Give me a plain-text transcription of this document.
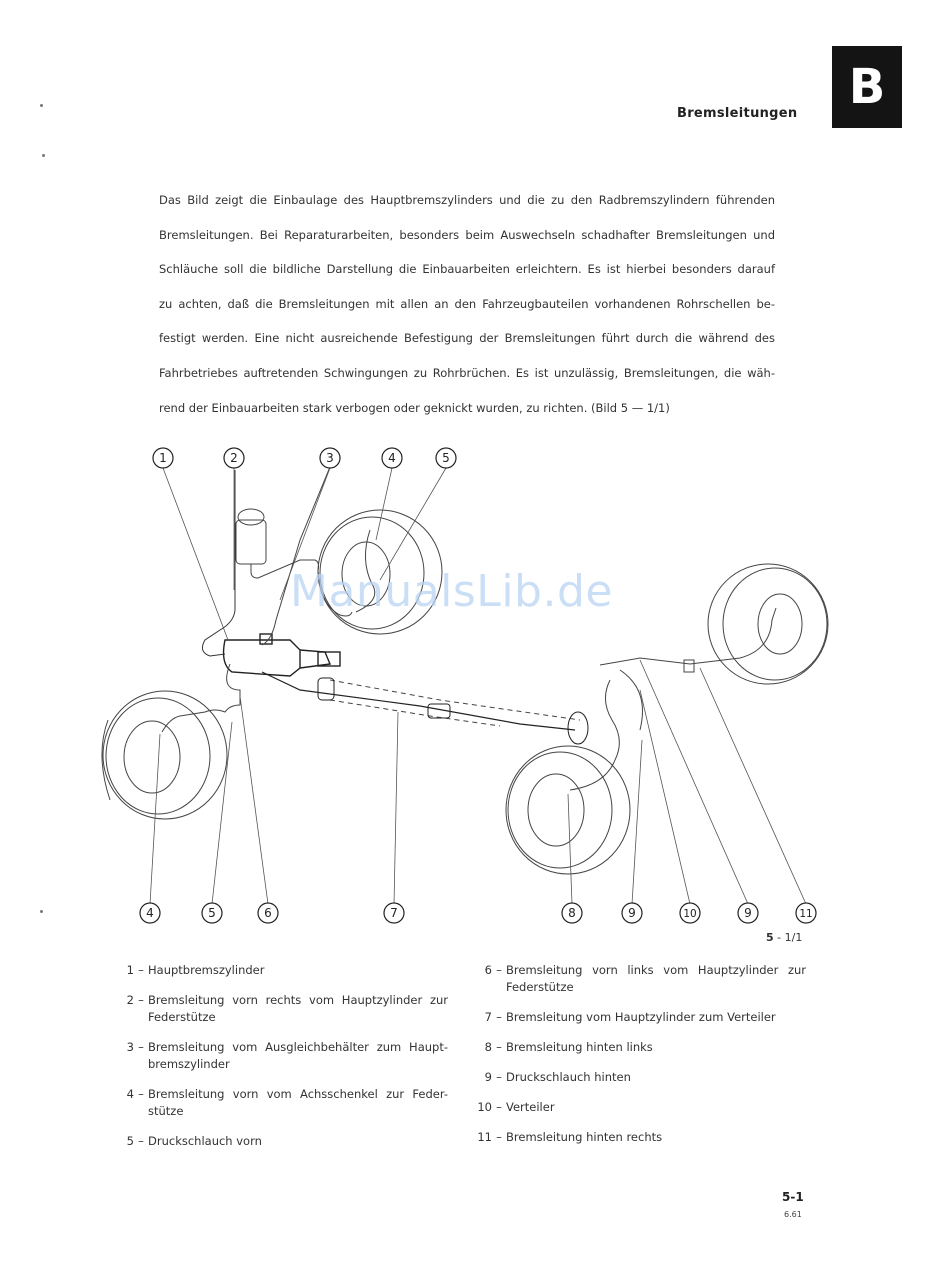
B
Bremsleitungen
Das Bild zeigt die Einbaulage des Hauptbremszylinders und die zu den Radbremszylindern führenden
Bremsleitungen. Bei Reparaturarbeiten, besonders beim Auswechseln schadhafter Bremsleitungen und
Schläuche soll die bildliche Darstellung die Einbauarbeiten erleichtern. Es ist hierbei besonders darauf
zu achten, daß die Bremsleitungen mit allen an den Fahrzeugbauteilen vorhandenen Rohrschellen be-
festigt werden. Eine nicht ausreichende Befestigung der Bremsleitungen führt durch die während des
Fahrbetriebes auftretenden Schwingungen zu Rohrbrüchen. Es ist unzulässig, Bremsleitungen, die wäh-
rend der Einbauarbeiten stark verbogen oder geknickt wurden, zu richten. (Bild 5 — 1/1)
1	2	3	4	5
4	5	6	7	8	9	10	9	11
ManualsLib.de
5 - 1/1
1 – Hauptbremszylinder
2 – Bremsleitung vorn rechts vom Hauptzylinder zur
Federstütze
3 – Bremsleitung vom Ausgleichbehälter zum Haupt-
bremszylinder
4 – Bremsleitung vorn vom Achsschenkel zur Feder-
stütze
5 – Druckschlauch vorn
6 – Bremsleitung vorn links vom Hauptzylinder zur
Federstütze
7 – Bremsleitung vom Hauptzylinder zum Verteiler
8 – Bremsleitung hinten links
9 – Druckschlauch hinten
10 – Verteiler
11 – Bremsleitung hinten rechts
5-1
6.61
